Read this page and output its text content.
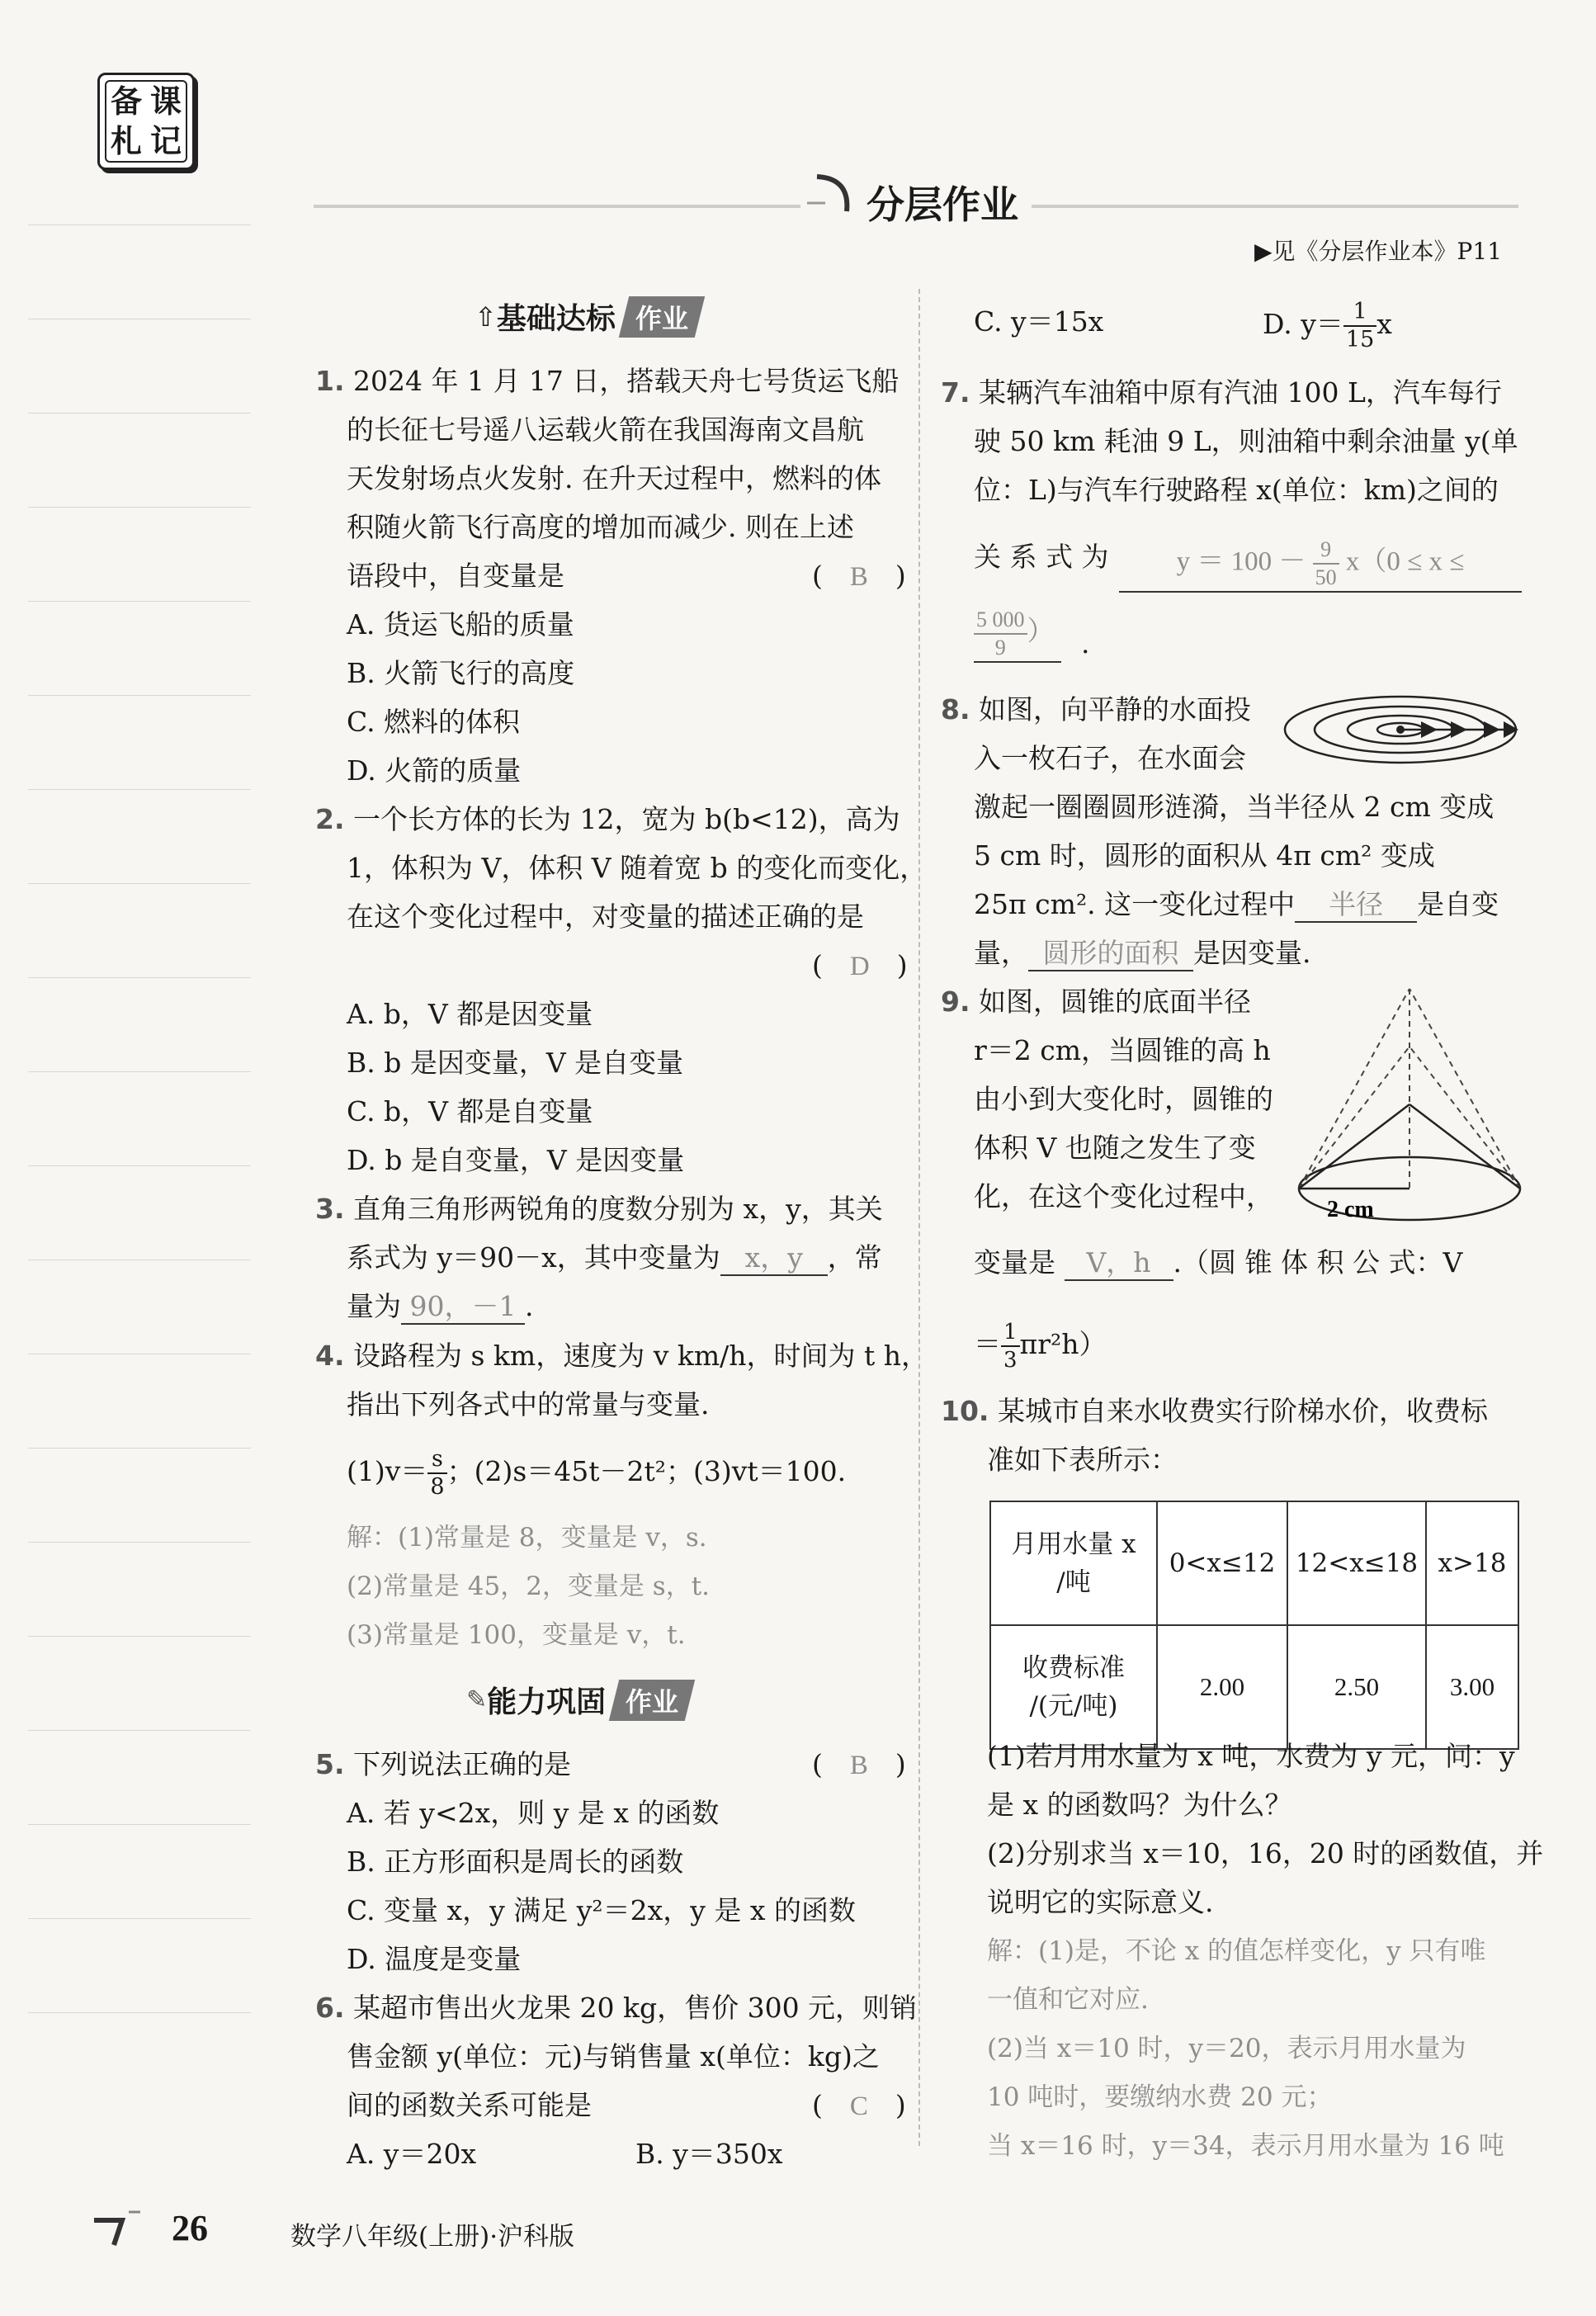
备 课
札 记
分层作业
▶见《分层作业本》P11
⇧ 基础达标 作业
1. 2024 年 1 月 17 日，搭载天舟七号货运飞船
的长征七号遥八运载火箭在我国海南文昌航
天发射场点火发射. 在升天过程中，燃料的体
积随火箭飞行高度的增加而减少. 则在上述
语段中，自变量是	(　B　)
A. 货运飞船的质量
B. 火箭飞行的高度
C. 燃料的体积
D. 火箭的质量
2. 一个长方体的长为 12，宽为 b(b<12)，高为
1，体积为 V，体积 V 随着宽 b 的变化而变化，
在这个变化过程中，对变量的描述正确的是
(　D　)
A. b，V 都是因变量
B. b 是因变量，V 是自变量
C. b，V 都是自变量
D. b 是自变量，V 是因变量
3. 直角三角形两锐角的度数分别为 x，y，其关
系式为 y＝90－x，其中变量为 x，y ，常
量为 90，－1 .
4. 设路程为 s km，速度为 v km/h，时间为 t h，
指出下列各式中的常量与变量.
$(1)v= \frac{s}{8}$ ；(2)s＝45t－2t²；(3)vt＝100.
解：(1)常量是 8，变量是 v，s.
(2)常量是 45，2，变量是 s，t.
(3)常量是 100，变量是 v，t.
✎ 能力巩固 作业
5. 下列说法正确的是	(　B　)
A. 若 y<2x，则 y 是 x 的函数
B. 正方形面积是周长的函数
C. 变量 x，y 满足 y²＝2x，y 是 x 的函数
D. 温度是变量
6. 某超市售出火龙果 20 kg，售价 300 元，则销
售金额 y(单位：元)与销售量 x(单位：kg)之
间的函数关系可能是	(　C　)
A. y＝20x	B. y＝350x
C. y＝15x	D. $y= \frac{1}{15}$ x
7. 某辆汽车油箱中原有汽油 100 L，汽车每行
驶 50 km 耗油 9 L，则油箱中剩余油量 y(单
位：L)与汽车行驶路程 x(单位：km)之间的
关 系 式 为	$y = 100 - \frac{9}{50} x(0 \le x$ ≤
$\frac{5 000}{9}$ ） .
8. 如图，向平静的水面投
入一枚石子，在水面会
激起一圈圈圆形涟漪，当半径从 2 cm 变成
5 cm 时，圆形的面积从 4π cm² 变成
25π cm². 这一变化过程中 半径 是自变
量， 圆形的面积 是因变量.
9. 如图，圆锥的底面半径
r＝2 cm，当圆锥的高 h
由小到大变化时，圆锥的
体积 V 也随之发生了变
化，在这个变化过程中，
变量是 V，h .（圆 锥 体 积 公 式：V
＝ $\frac{1}{3} \pi r^2h$）
2 cm
10. 某城市自来水收费实行阶梯水价，收费标
准如下表所示：
月用水量 x
/吨	0<x≤12	12<x≤18	x>18
收费标准
/(元/吨)	2.00	2.50	3.00
(1)若月用水量为 x 吨，水费为 y 元，问：y
是 x 的函数吗？为什么？
(2)分别求当 x＝10，16，20 时的函数值，并
说明它的实际意义.
解：(1)是，不论 x 的值怎样变化，y 只有唯
一值和它对应.
(2)当 x＝10 时，y＝20，表示月用水量为
10 吨时，要缴纳水费 20 元；
当 x＝16 时，y＝34，表示月用水量为 16 吨
26	数学八年级(上册)·沪科版
